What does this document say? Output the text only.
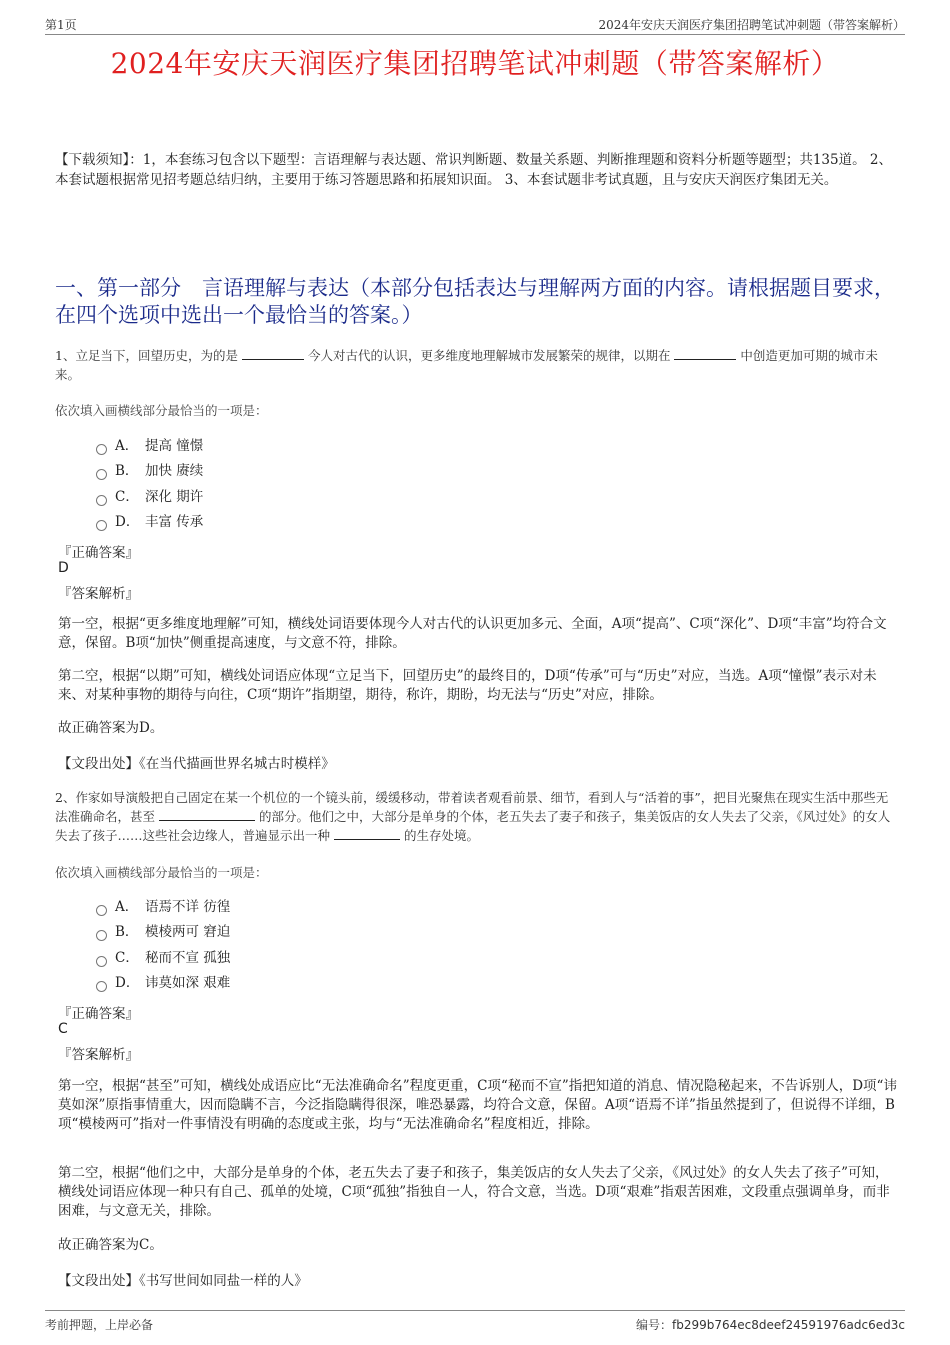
第1页	2024年安庆天润医疗集团招聘笔试冲刺题（带答案解析）
2024年安庆天润医疗集团招聘笔试冲刺题（带答案解析）
【下载须知】：1，本套练习包含以下题型：言语理解与表达题、常识判断题、数量关系题、判断推理题和资料分析题等题型；共135道。 2、本套试题根据常见招考题总结归纳，主要用于练习答题思路和拓展知识面。 3、本套试题非考试真题，且与安庆天润医疗集团无关。
一、第一部分　言语理解与表达（本部分包括表达与理解两方面的内容。请根据题目要求，在四个选项中选出一个最恰当的答案。）
1、立足当下，回望历史，为的是	今人对古代的认识，更多维度地理解城市发展繁荣的规律，以期在	中创造更加可期的城市未来。
依次填入画横线部分最恰当的一项是：
A． 提高 憧憬
B． 加快 赓续
C． 深化 期许
D． 丰富 传承
『正确答案』
D
『答案解析』
第一空，根据“更多维度地理解”可知，横线处词语要体现今人对古代的认识更加多元、全面，A项“提高”、C项“深化”、D项“丰富”均符合文意，保留。B项“加快”侧重提高速度，与文意不符，排除。
第二空，根据“以期”可知，横线处词语应体现“立足当下，回望历史”的最终目的，D项“传承”可与“历史”对应，当选。A项“憧憬”表示对未来、对某种事物的期待与向往，C项“期许”指期望，期待，称许，期盼，均无法与“历史”对应，排除。
故正确答案为D。
【文段出处】《在当代描画世界名城古时模样》
2、作家如导演般把自己固定在某一个机位的一个镜头前，缓缓移动，带着读者观看前景、细节，看到人与“活着的事”，把目光聚焦在现实生活中那些无法准确命名，甚至	的部分。他们之中，大部分是单身的个体，老五失去了妻子和孩子，集美饭店的女人失去了父亲，《风过处》的女人失去了孩子……这些社会边缘人，普遍显示出一种	的生存处境。
依次填入画横线部分最恰当的一项是：
A． 语焉不详 彷徨
B． 模棱两可 窘迫
C． 秘而不宣 孤独
D． 讳莫如深 艰难
『正确答案』
C
『答案解析』
第一空，根据“甚至”可知，横线处成语应比“无法准确命名”程度更重，C项“秘而不宣”指把知道的消息、情况隐秘起来，不告诉别人，D项“讳莫如深”原指事情重大，因而隐瞒不言，今泛指隐瞒得很深，唯恐暴露，均符合文意，保留。A项“语焉不详”指虽然提到了，但说得不详细，B项“模棱两可”指对一件事情没有明确的态度或主张，均与“无法准确命名”程度相近，排除。
第二空，根据“他们之中，大部分是单身的个体，老五失去了妻子和孩子，集美饭店的女人失去了父亲，《风过处》的女人失去了孩子”可知，横线处词语应体现一种只有自己、孤单的处境，C项“孤独”指独自一人，符合文意，当选。D项“艰难”指艰苦困难，文段重点强调单身，而非困难，与文意无关，排除。
故正确答案为C。
【文段出处】《书写世间如同盐一样的人》
考前押题，上岸必备	编号：fb299b764ec8deef24591976adc6ed3c
